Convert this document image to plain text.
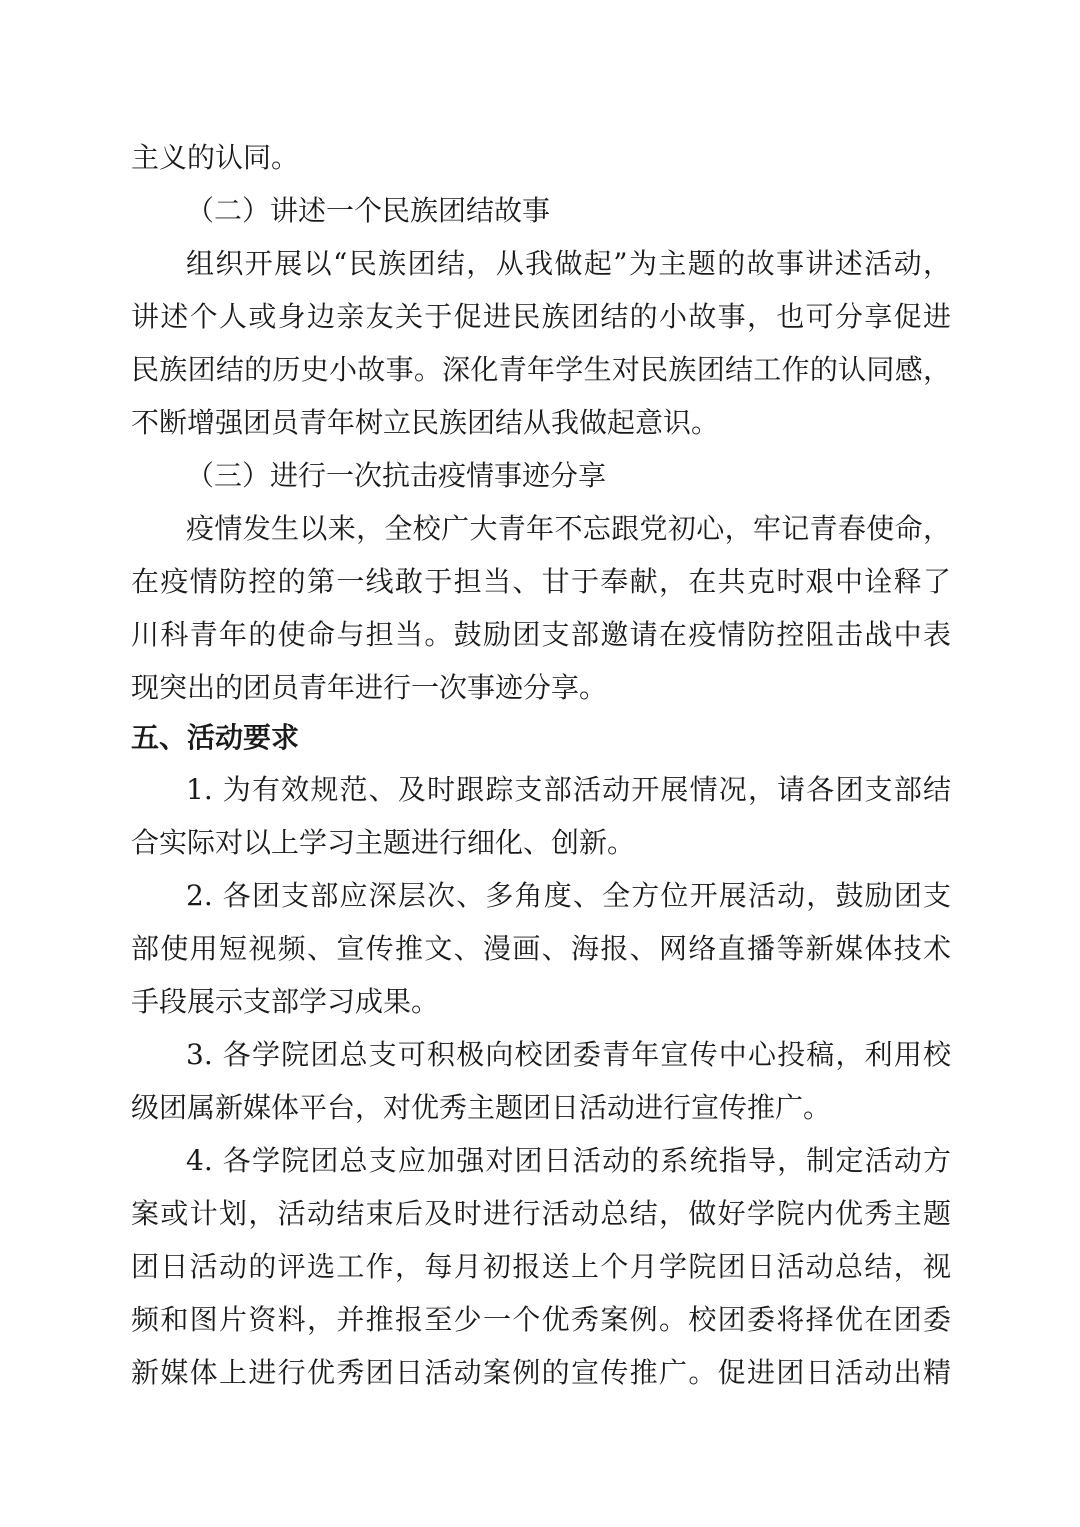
主义的认同。
（二）讲述一个民族团结故事
组织开展以“民族团结，从我做起”为主题的故事讲述活动，
讲述个人或身边亲友关于促进民族团结的小故事，也可分享促进
民族团结的历史小故事。深化青年学生对民族团结工作的认同感，
不断增强团员青年树立民族团结从我做起意识。
（三）进行一次抗击疫情事迹分享
疫情发生以来，全校广大青年不忘跟党初心，牢记青春使命，
在疫情防控的第一线敢于担当、甘于奉献，在共克时艰中诠释了
川科青年的使命与担当。鼓励团支部邀请在疫情防控阻击战中表
现突出的团员青年进行一次事迹分享。
五、活动要求
1. 为有效规范、及时跟踪支部活动开展情况，请各团支部结
合实际对以上学习主题进行细化、创新。
2. 各团支部应深层次、多角度、全方位开展活动，鼓励团支
部使用短视频、宣传推文、漫画、海报、网络直播等新媒体技术
手段展示支部学习成果。
3. 各学院团总支可积极向校团委青年宣传中心投稿，利用校
级团属新媒体平台，对优秀主题团日活动进行宣传推广。
4. 各学院团总支应加强对团日活动的系统指导，制定活动方
案或计划，活动结束后及时进行活动总结，做好学院内优秀主题
团日活动的评选工作，每月初报送上个月学院团日活动总结，视
频和图片资料，并推报至少一个优秀案例。校团委将择优在团委
新媒体上进行优秀团日活动案例的宣传推广。促进团日活动出精
